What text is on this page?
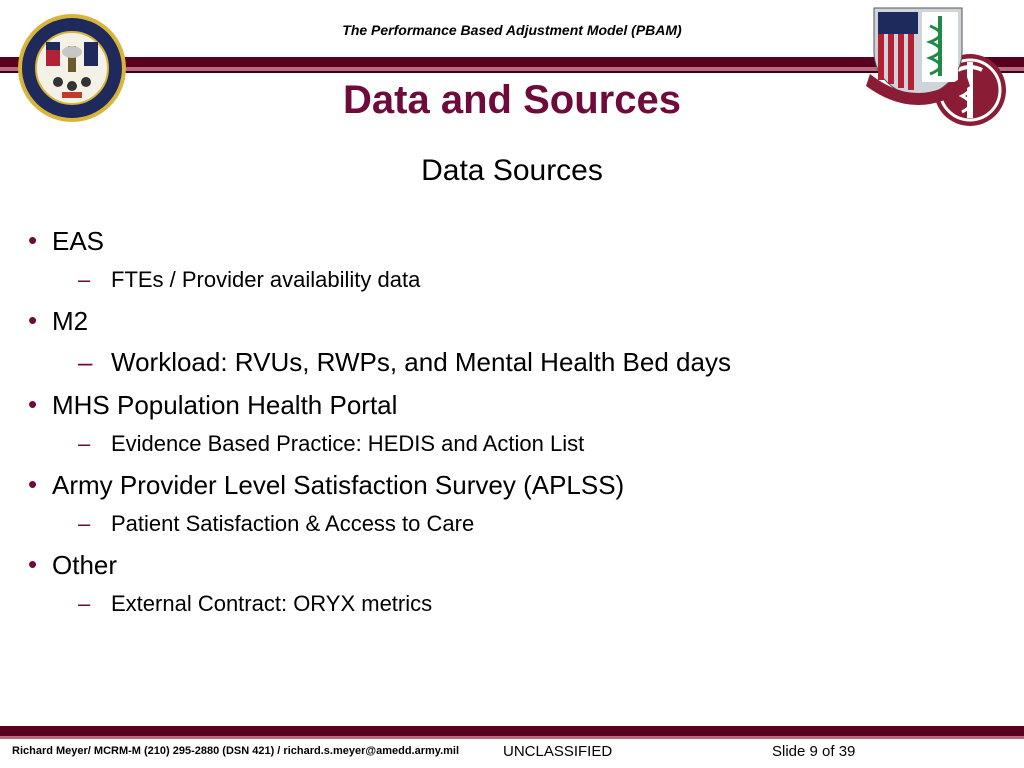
The Performance Based Adjustment Model (PBAM)
Data and Sources
Data Sources
• EAS
– FTEs / Provider availability data
• M2
– Workload: RVUs, RWPs, and Mental Health Bed days
• MHS Population Health Portal
– Evidence Based Practice: HEDIS and Action List
• Army Provider Level Satisfaction Survey (APLSS)
– Patient Satisfaction & Access to Care
• Other
– External Contract: ORYX metrics
Richard Meyer/ MCRM-M (210) 295-2880 (DSN 421) / richard.s.meyer@amedd.army.mil	UNCLASSIFIED	Slide 9 of 39
